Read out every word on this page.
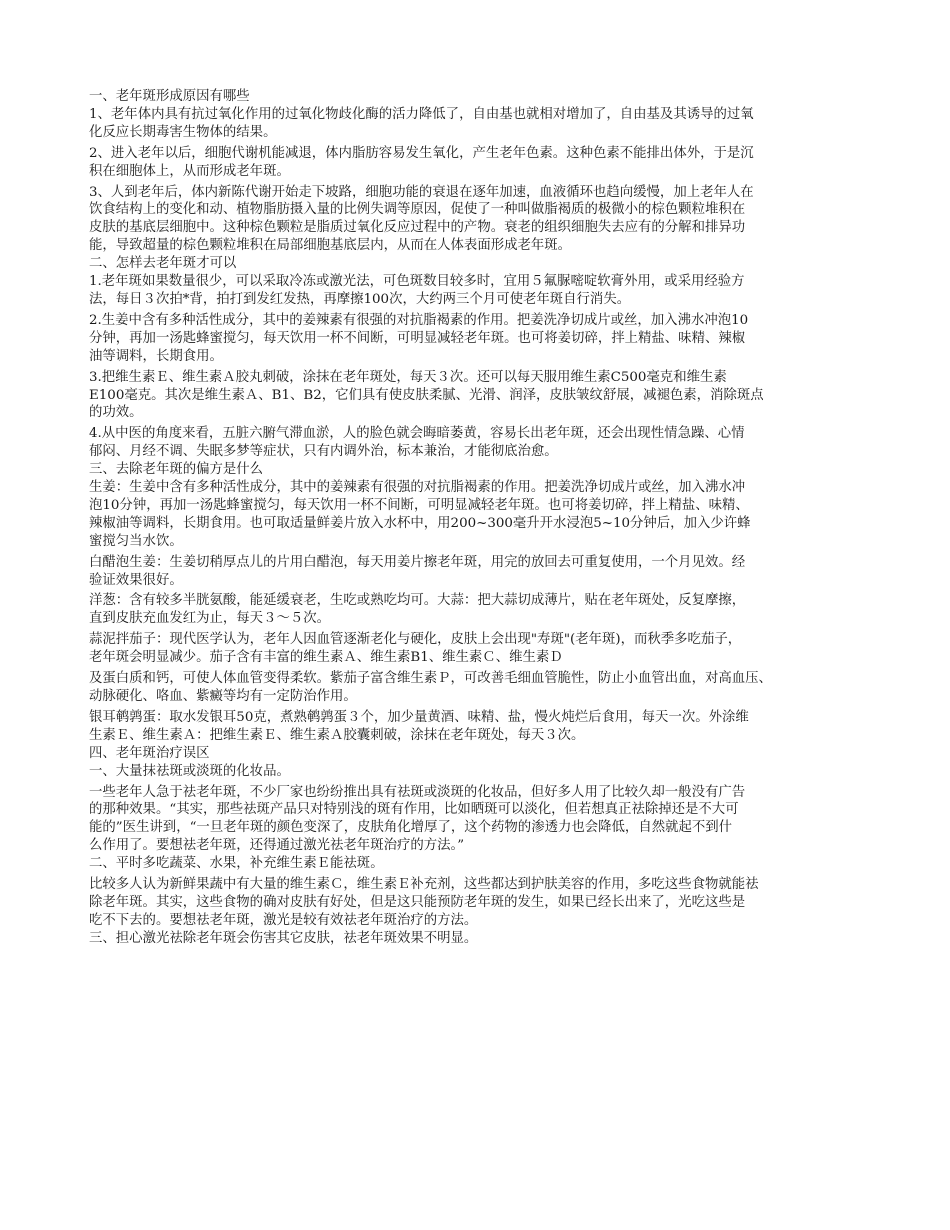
一、老年斑形成原因有哪些
1、老年体内具有抗过氧化作用的过氧化物歧化酶的活力降低了，自由基也就相对增加了，自由基及其诱导的过氧
化反应长期毒害生物体的结果。
2、进入老年以后，细胞代谢机能减退，体内脂肪容易发生氧化，产生老年色素。这种色素不能排出体外，于是沉
积在细胞体上，从而形成老年斑。
3、人到老年后，体内新陈代谢开始走下坡路，细胞功能的衰退在逐年加速，血液循环也趋向缓慢，加上老年人在
饮食结构上的变化和动、植物脂肪摄入量的比例失调等原因，促使了一种叫做脂褐质的极微小的棕色颗粒堆积在
皮肤的基底层细胞中。这种棕色颗粒是脂质过氧化反应过程中的产物。衰老的组织细胞失去应有的分解和排异功
能，导致超量的棕色颗粒堆积在局部细胞基底层内，从而在人体表面形成老年斑。
二、怎样去老年斑才可以
1.老年斑如果数量很少，可以采取冷冻或激光法，可色斑数目较多时，宜用５氟脲嘧啶软膏外用，或采用经验方
法，每日３次拍*背，拍打到发红发热，再摩擦100次，大约两三个月可使老年斑自行消失。
2.生姜中含有多种活性成分，其中的姜辣素有很强的对抗脂褐素的作用。把姜洗净切成片或丝，加入沸水冲泡10
分钟，再加一汤匙蜂蜜搅匀，每天饮用一杯不间断，可明显减轻老年斑。也可将姜切碎，拌上精盐、味精、辣椒
油等调料，长期食用。
3.把维生素Ｅ、维生素Ａ胶丸刺破，涂抹在老年斑处，每天３次。还可以每天服用维生素C500毫克和维生素
E100毫克。其次是维生素Ａ、B1、B2，它们具有使皮肤柔腻、光滑、润泽，皮肤皱纹舒展，减褪色素，消除斑点
的功效。
4.从中医的角度来看，五脏六腑气滞血淤，人的脸色就会晦暗萎黄，容易长出老年斑，还会出现性情急躁、心情
郁闷、月经不调、失眠多梦等症状，只有内调外治，标本兼治，才能彻底治愈。
三、去除老年斑的偏方是什么
生姜：生姜中含有多种活性成分，其中的姜辣素有很强的对抗脂褐素的作用。把姜洗净切成片或丝，加入沸水冲
泡10分钟，再加一汤匙蜂蜜搅匀，每天饮用一杯不间断，可明显减轻老年斑。也可将姜切碎，拌上精盐、味精、
辣椒油等调料，长期食用。也可取适量鲜姜片放入水杯中，用200~300毫升开水浸泡5~10分钟后，加入少许蜂
蜜搅匀当水饮。
白醋泡生姜：生姜切稍厚点儿的片用白醋泡，每天用姜片擦老年斑，用完的放回去可重复使用，一个月见效。经
验证效果很好。
洋葱：含有较多半胱氨酸，能延缓衰老，生吃或熟吃均可。大蒜：把大蒜切成薄片，贴在老年斑处，反复摩擦，
直到皮肤充血发红为止，每天３～５次。
蒜泥拌茄子：现代医学认为，老年人因血管逐渐老化与硬化，皮肤上会出现"寿斑"(老年斑)，而秋季多吃茄子，
老年斑会明显减少。茄子含有丰富的维生素Ａ、维生素B1、维生素Ｃ、维生素Ｄ
及蛋白质和钙，可使人体血管变得柔软。紫茄子富含维生素Ｐ，可改善毛细血管脆性，防止小血管出血，对高血压、
动脉硬化、咯血、紫癜等均有一定防治作用。
银耳鹌鹑蛋：取水发银耳50克，煮熟鹌鹑蛋３个，加少量黄酒、味精、盐，慢火炖烂后食用，每天一次。外涂维
生素Ｅ、维生素Ａ：把维生素Ｅ、维生素Ａ胶囊刺破，涂抹在老年斑处，每天３次。
四、老年斑治疗误区
一、大量抹祛斑或淡斑的化妆品。
一些老年人急于祛老年斑，不少厂家也纷纷推出具有祛斑或淡斑的化妆品，但好多人用了比较久却一般没有广告
的那种效果。“其实，那些祛斑产品只对特别浅的斑有作用，比如晒斑可以淡化，但若想真正祛除掉还是不大可
能的”医生讲到，“一旦老年斑的颜色变深了，皮肤角化增厚了，这个药物的渗透力也会降低，自然就起不到什
么作用了。要想祛老年斑，还得通过激光祛老年斑治疗的方法。”
二、平时多吃蔬菜、水果，补充维生素Ｅ能祛斑。
比较多人认为新鲜果蔬中有大量的维生素Ｃ，维生素Ｅ补充剂，这些都达到护肤美容的作用，多吃这些食物就能祛
除老年斑。其实，这些食物的确对皮肤有好处，但是这只能预防老年斑的发生，如果已经长出来了，光吃这些是
吃不下去的。要想祛老年斑，激光是较有效祛老年斑治疗的方法。
三、担心激光祛除老年斑会伤害其它皮肤，祛老年斑效果不明显。
